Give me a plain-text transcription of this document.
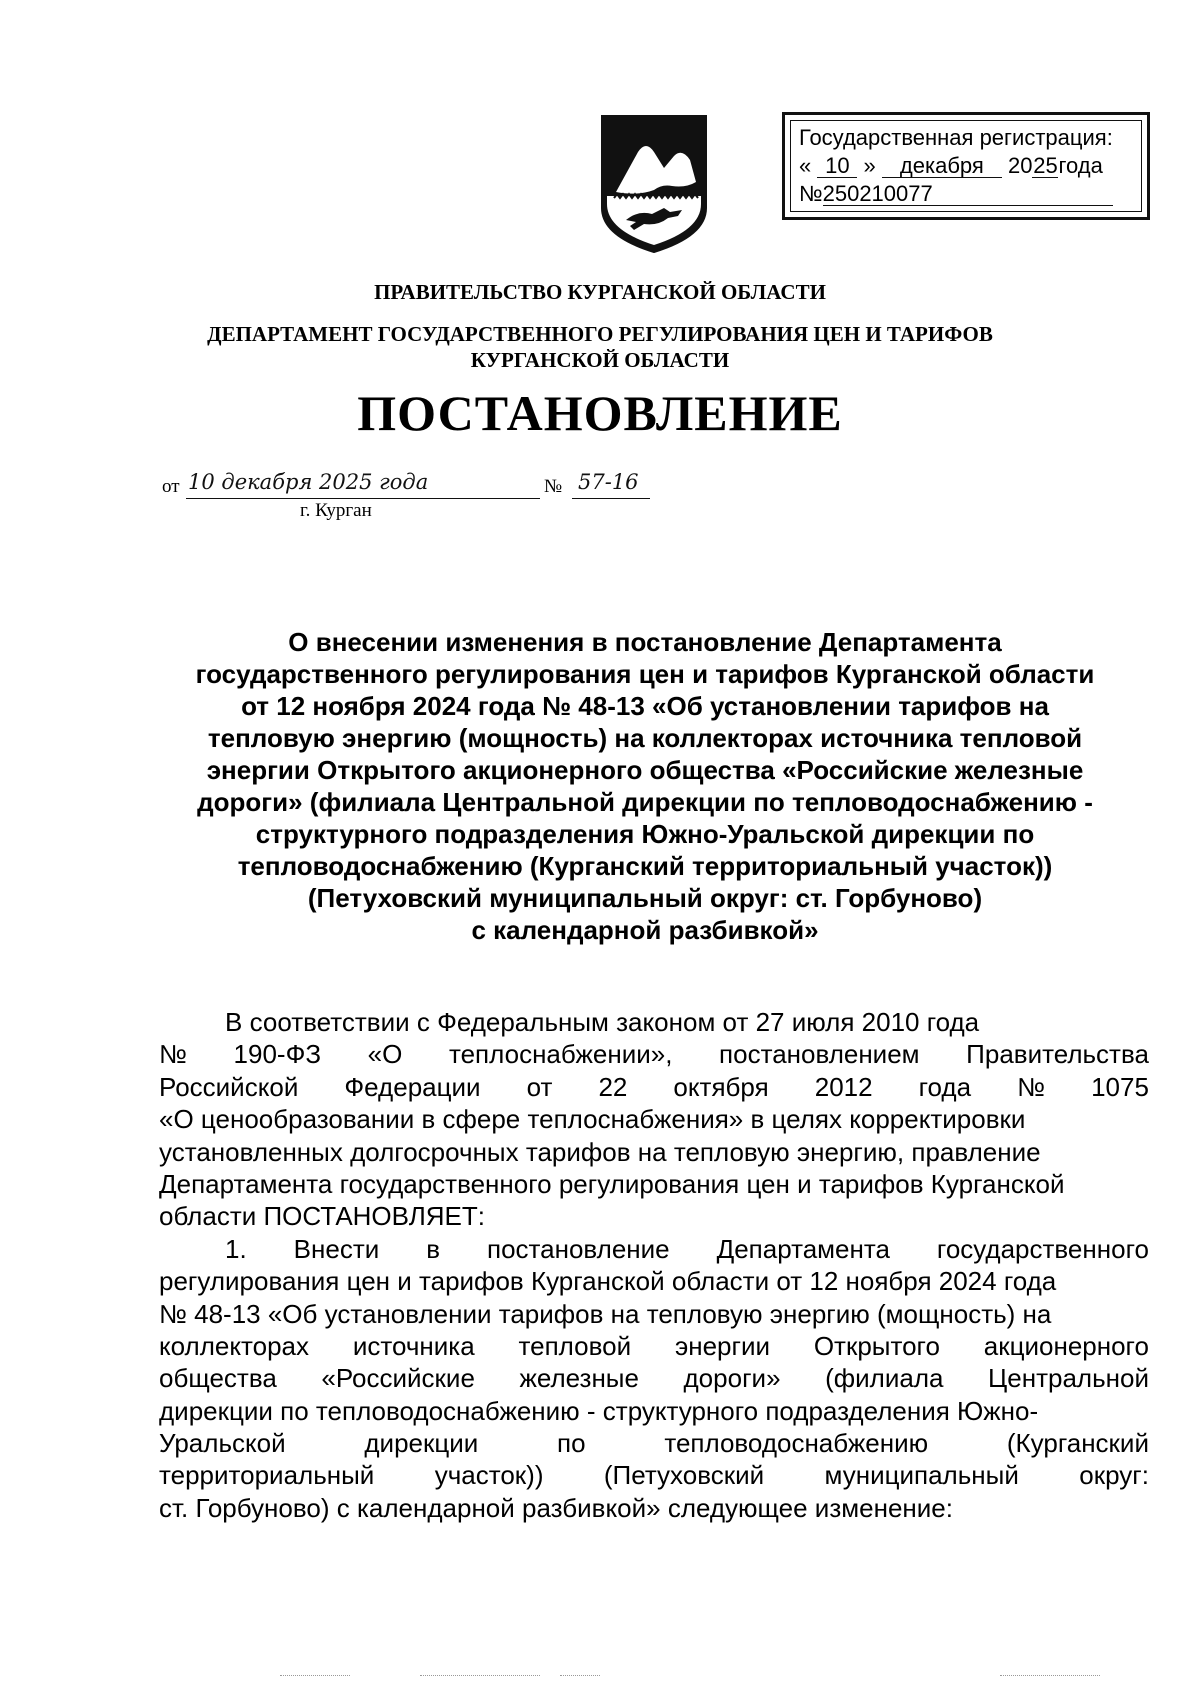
Государственная регистрация:
« 10 » декабря 2025года
№250210077
ПРАВИТЕЛЬСТВО КУРГАНСКОЙ ОБЛАСТИ
ДЕПАРТАМЕНТ ГОСУДАРСТВЕННОГО РЕГУЛИРОВАНИЯ ЦЕН И ТАРИФОВ
КУРГАНСКОЙ ОБЛАСТИ
ПОСТАНОВЛЕНИЕ
от 10 декабря 2025 года	№ 57-16
г. Курган
О внесении изменения в постановление Департамента
государственного регулирования цен и тарифов Курганской области
от 12 ноября 2024 года № 48-13 «Об установлении тарифов на
тепловую энергию (мощность) на коллекторах источника тепловой
энергии Открытого акционерного общества «Российские железные
дороги» (филиала Центральной дирекции по тепловодоснабжению -
структурного подразделения Южно-Уральской дирекции по
тепловодоснабжению (Курганский территориальный участок))
(Петуховский муниципальный округ: ст. Горбуново)
с календарной разбивкой»
В соответствии с Федеральным законом от 27 июля 2010 года
№ 190-ФЗ «О теплоснабжении», постановлением Правительства
Российской Федерации от 22 октября 2012 года № 1075
«О ценообразовании в сфере теплоснабжения» в целях корректировки
установленных долгосрочных тарифов на тепловую энергию, правление
Департамента государственного регулирования цен и тарифов Курганской
области ПОСТАНОВЛЯЕТ:
1. Внести в постановление Департамента государственного
регулирования цен и тарифов Курганской области от 12 ноября 2024 года
№ 48-13 «Об установлении тарифов на тепловую энергию (мощность) на
коллекторах источника тепловой энергии Открытого акционерного
общества «Российские железные дороги» (филиала Центральной
дирекции по тепловодоснабжению - структурного подразделения Южно-
Уральской	дирекции	по	тепловодоснабжению	(Курганский
территориальный участок)) (Петуховский муниципальный округ:
ст. Горбуново) с календарной разбивкой» следующее изменение:
